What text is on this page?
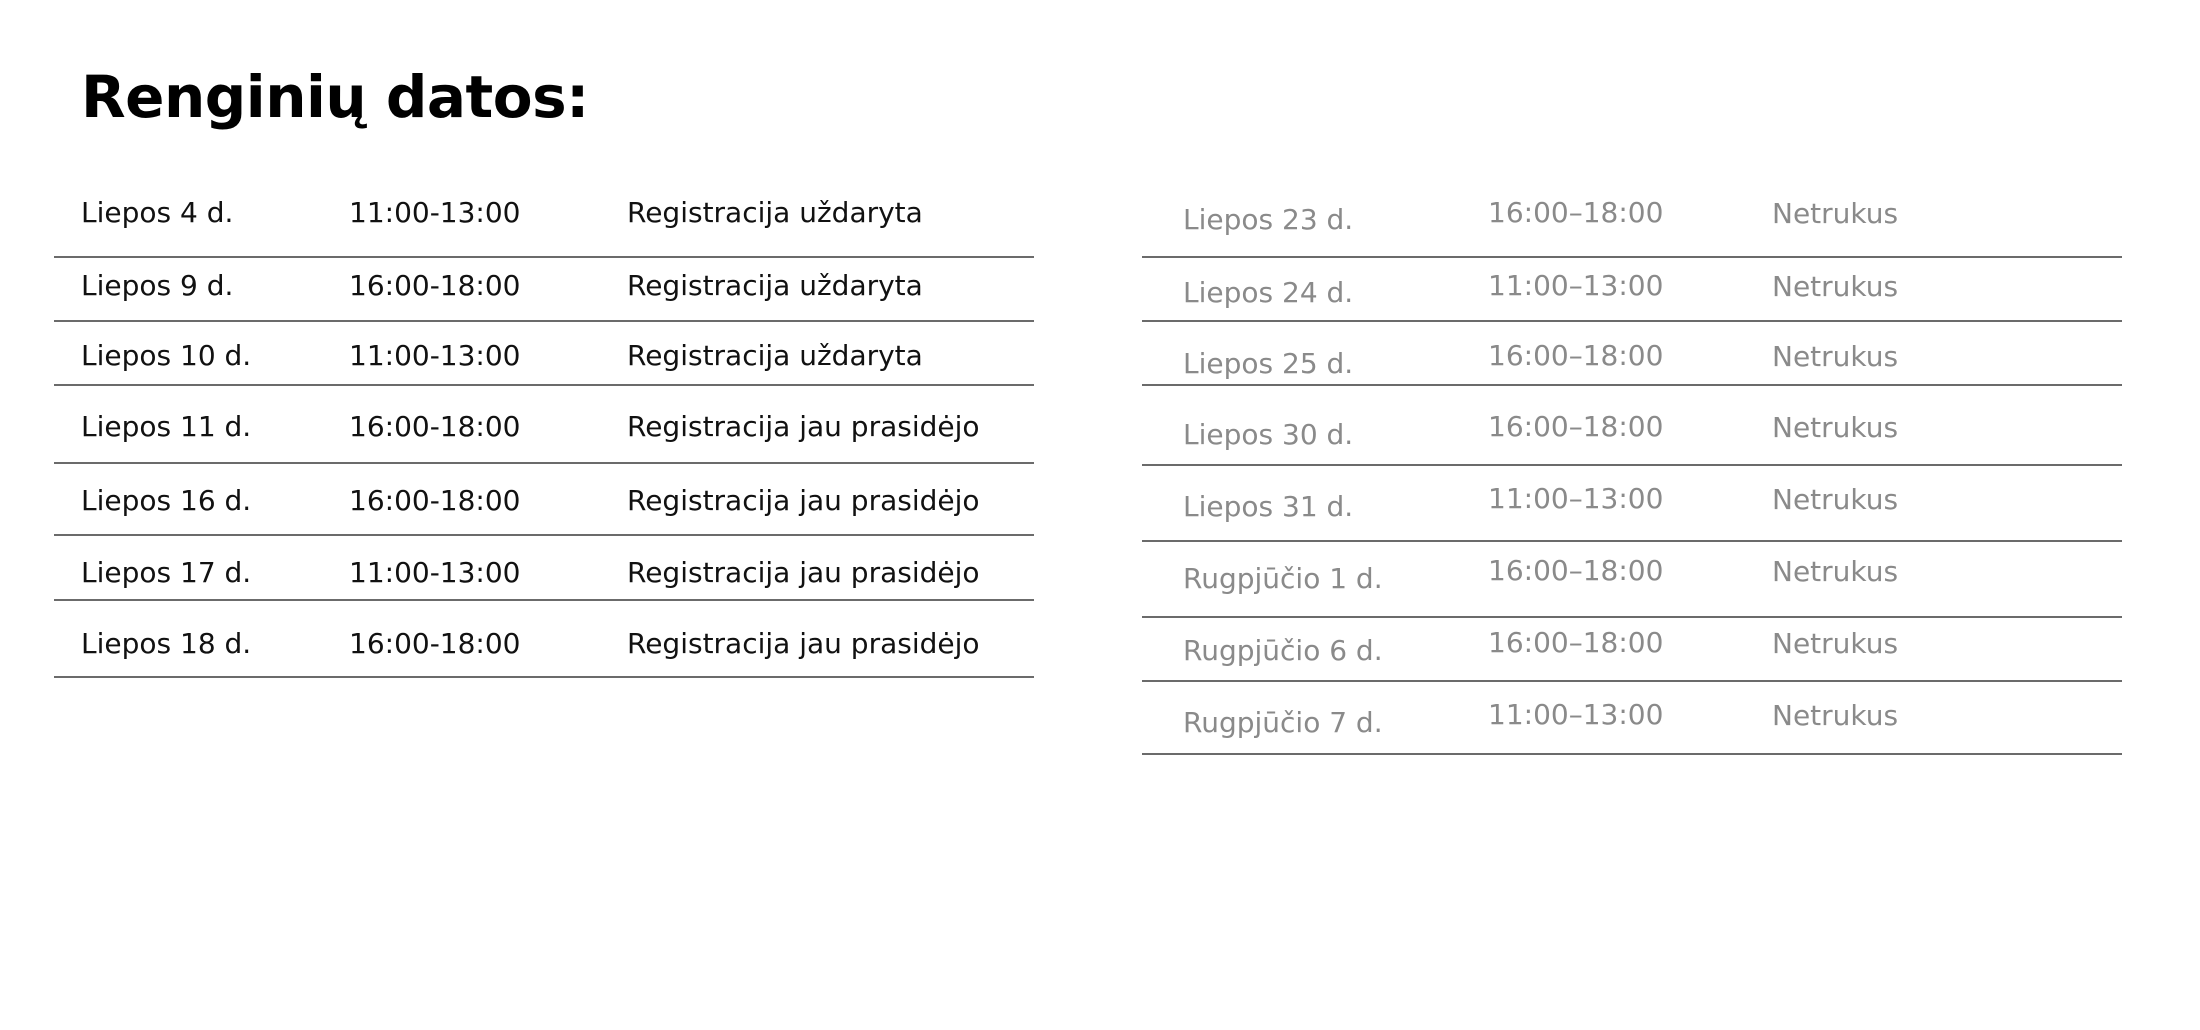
Renginių datos:
Liepos 4 d.	11:00-13:00	Registracija uždaryta
Liepos 9 d.	16:00-18:00	Registracija uždaryta
Liepos 10 d.	11:00-13:00	Registracija uždaryta
Liepos 11 d.	16:00-18:00	Registracija jau prasidėjo
Liepos 16 d.	16:00-18:00	Registracija jau prasidėjo
Liepos 17 d.	11:00-13:00	Registracija jau prasidėjo
Liepos 18 d.	16:00-18:00	Registracija jau prasidėjo
Liepos 23 d.	16:00–18:00	Netrukus
Liepos 24 d.	11:00–13:00	Netrukus
Liepos 25 d.	16:00–18:00	Netrukus
Liepos 30 d.	16:00–18:00	Netrukus
Liepos 31 d.	11:00–13:00	Netrukus
Rugpjūčio 1 d.	16:00–18:00	Netrukus
Rugpjūčio 6 d.	16:00–18:00	Netrukus
Rugpjūčio 7 d.	11:00–13:00	Netrukus
